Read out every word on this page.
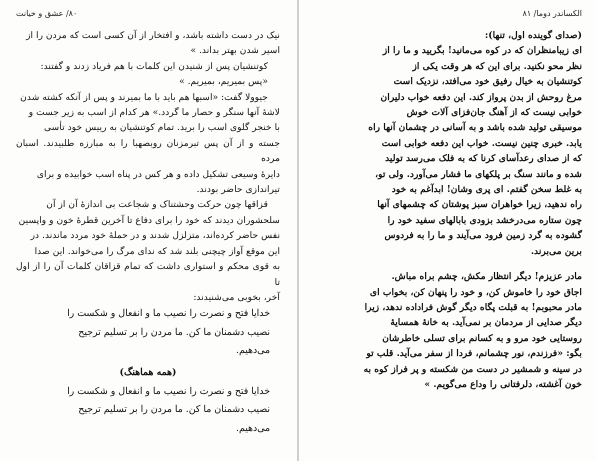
۸۰/ عشق و خیانت

نیک در دست داشته باشد، و افتخار از آن کسی است که مردن را از

اسیر شدن بهتر بداند. »

کوتنشیان پس از شنیدن این کلمات با هم فریاد زدند و گفتند:

«پس بمیریم، بمیریم. »

جیوولا گفت: «اسبها هم باید با ما بمیرند و پس از آنکه کشته شدن

لاشهٔ آنها سنگر و حصار ما گردد.» هر کدام از اسب به زیر جست و

با خنجر گلوی اسب را برید. تمام کوتنشیان به رییس خود تأسی

جسته و از آن پس تبرمزنان روبصهبا را به مبارزه طلبیدند. اسبان مرده

دایرهٔ وسیعی تشکیل داده و هر کس در پناه اسب خوابیده و برای

تیراندازی حاضر بودند.

قزاقها چون حرکت وحشتناک و شجاعت بی اندازهٔ آن از آن

سلحشوران دیدند که خود را برای دفاع تا آخرین قطرهٔ خون و واپسین

نفس حاضر کرده‌اند، متزلزل شدند و در حملهٔ خود مردد ماندند. در

این موقع آواز چیچنی بلند شد که ندای مرگ را می‌خواند. این صدا

به قوی محکم و استواری داشت که تمام قزاقان کلمات آن را از اول تا

آخر، بخوبی می‌شنیدند:

خدایا فتح و نصرت را نصیب ما و انفعال و شکست را

نصیب دشمنان ما کن. ما مردن را بر تسلیم ترجیح

می‌دهیم.

(همه هماهنگ)

خدایا فتح و نصرت را نصیب ما و انفعال و شکست را

نصیب دشمنان ما کن. ما مردن را بر تسلیم ترجیح

می‌دهیم.

الکساندر دوما/ ۸۱
(صدای گوینده اول، تنها):

ای زیبامنظران که در کوه می‌مانید! بگریید و ما را از

نظر محو نکنید. برای این که هر وقت یکی از

کوتنشیان به خیال رفیق خود می‌افتد، نزدیک است

مرغ روحش از بدن پرواز کند. این دفعه خواب دلیران

خوابی نیست که از آهنگ جان‌فزای آلات خوش

موسیقی تولید شده باشد و به آسانی در چشمان آنها راه

یابد. خبری چنین نیست. خواب این دفعه خوابی است

که از صدای رعدآسای کرنا که به فلک می‌رسد تولید

شده و مانند سنگ بر پلکهای ما فشار می‌آورد. ولی تو،

به غلط سخن گفتم. ای پری وشان! ابدآغم به خود

راه ندهید، زیرا خواهران سبز پوشتان که چشمهای آنها

چون ستاره می‌درخشد بزودی بابالهای سفید خود را

گشوده به گرد زمین فرود می‌آیند و ما را به فردوس

برین می‌برند.

مادر عزیزم! دیگر انتظار مکش، چشم براه مباش.

اجاق خود را خاموش کن، و خود را پنهان کن، بخواب ای

مادر محبوبم! به قبلت پگاه دیگر گوش فراداده ندهد، زیرا

دیگر صدایی از مردمان بر نمی‌آید. به خانهٔ همسایهٔ

روستایی خود مرو و به کسانم برای تسلی خاطرشان

بگو: «فرزندم، نور چشمانم، فردا از سفر می‌آید. قلب تو

در سینه و شمشیر در دست من شکسته و پر فراز کوه به

خون آغشته، دلرفتانی را وداع می‌گویم. »
